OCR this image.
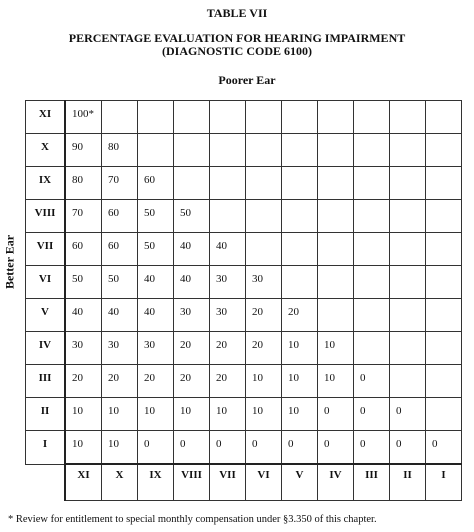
TABLE VII
PERCENTAGE EVALUATION FOR HEARING IMPAIRMENT
(DIAGNOSTIC CODE 6100)
Poorer Ear
Better Ear
XI	100*										

X	90	80									

IX	80	70	60								

VIII	70	60	50	50							

VII	60	60	50	40	40						

VI	50	50	40	40	30	30					

V	40	40	40	30	30	20	20				

IV	30	30	30	20	20	20	10	10			

III	20	20	20	20	20	10	10	10	0		

II	10	10	10	10	10	10	10	0	0	0	

I	10	10	0	0	0	0	0	0	0	0	0

	XI	X	IX	VIII	VII	VI	V	IV	III	II	I
* Review for entitlement to special monthly compensation under §3.350 of this chapter.
